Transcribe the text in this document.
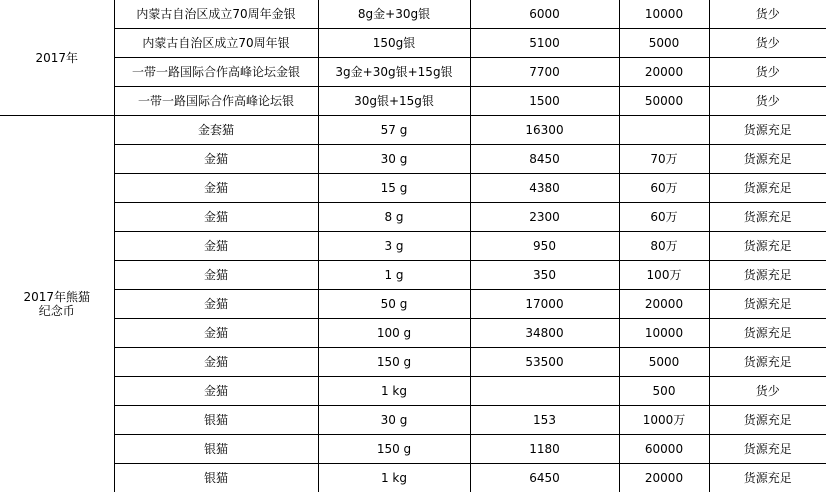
2017年	内蒙古自治区成立70周年金银	8g金+30g银	6000	10000	货少
	内蒙古自治区成立70周年银	150g银	5100	5000	货少
	一带一路国际合作高峰论坛金银	3g金+30g银+15g银	7700	20000	货少
	一带一路国际合作高峰论坛银	30g银+15g银	1500	50000	货少

2017年熊猫
纪念币	金套猫	57 g	16300		货源充足
	金猫	30 g	8450	70万	货源充足
	金猫	15 g	4380	60万	货源充足
	金猫	8 g	2300	60万	货源充足
	金猫	3 g	950	80万	货源充足
	金猫	1 g	350	100万	货源充足
	金猫	50 g	17000	20000	货源充足
	金猫	100 g	34800	10000	货源充足
	金猫	150 g	53500	5000	货源充足
	金猫	1 kg		500	货少
	银猫	30 g	153	1000万	货源充足
	银猫	150 g	1180	60000	货源充足
	银猫	1 kg	6450	20000	货源充足
